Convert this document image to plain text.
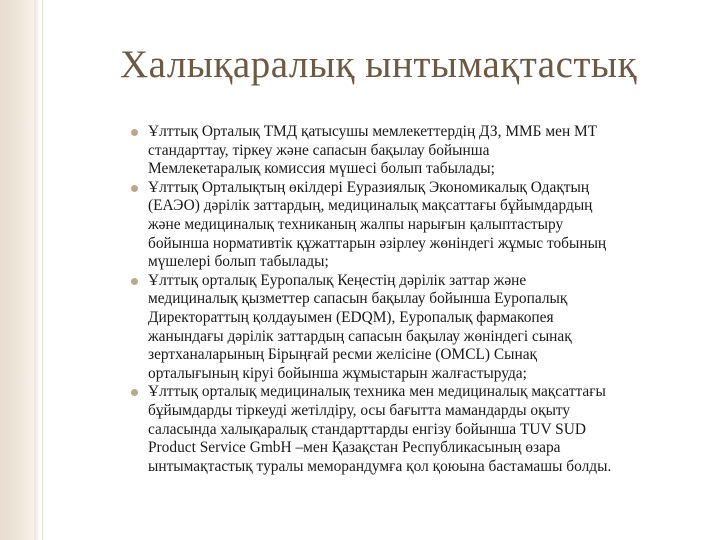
Халықаралық ынтымақтастық
Ұлттық Орталық ТМД қатысушы мемлекеттердің ДЗ, ММБ мен МТ
стандарттау, тіркеу және сапасын бақылау бойынша
Мемлекетаралық комиссия мүшесі болып табылады;
Ұлттық Орталықтың өкілдері Еуразиялық Экономикалық Одақтың
(ЕАЭО) дәрілік заттардың, медициналық мақсаттағы бұйымдардың
және медициналық техниканың жалпы нарығын қалыптастыру
бойынша нормативтік құжаттарын әзірлеу жөніндегі жұмыс тобының
мүшелері болып табылады;
Ұлттық орталық Еуропалық Кеңестің дәрілік заттар және
медициналық қызметтер сапасын бақылау бойынша Еуропалық
Директораттың қолдауымен (EDQM), Еуропалық фармакопея
жанындағы дәрілік заттардың сапасын бақылау жөніндегі сынақ
зертханаларының Бірыңғай ресми желісіне (OMCL) Сынақ
орталығының кіруі бойынша жұмыстарын жалғастыруда;
Ұлттық орталық медициналық техника мен медициналық мақсаттағы
бұйымдарды тіркеуді жетілдіру, осы бағытта мамандарды оқыту
саласында халықаралық стандарттарды енгізу бойынша TUV SUD
Product Service GmbH –мен Қазақстан Республикасының өзара
ынтымақтастық туралы меморандумға қол қоюына бастамашы болды.
